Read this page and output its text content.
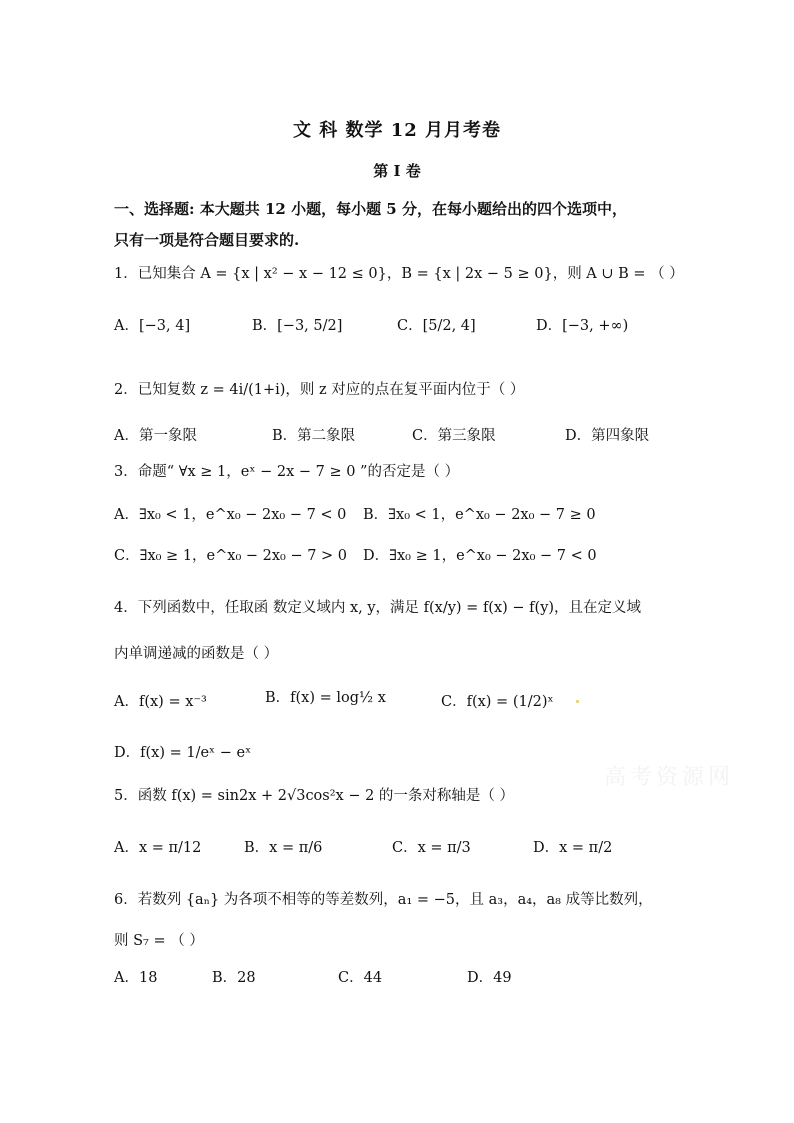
文 科 数学 12 月月考卷
第 I 卷
一、选择题: 本大题共 12 小题，每小题 5 分，在每小题给出的四个选项中，
只有一项是符合题目要求的.
1．已知集合 A = {x | x² − x − 12 ≤ 0}，B = {x | 2x − 5 ≥ 0}，则 A ∪ B = （ ）
A．[−3, 4]	B．[−3, 5/2]	C．[5/2, 4]	D．[−3, +∞)
2．已知复数 z = 4i/(1+i)，则 z 对应的点在复平面内位于（ ）
A．第一象限	B．第二象限	C．第三象限	D．第四象限
3．命题“ ∀x ≥ 1，eˣ − 2x − 7 ≥ 0 ”的否定是（ ）
A．∃x₀ < 1，e^x₀ − 2x₀ − 7 < 0 B．∃x₀ < 1，e^x₀ − 2x₀ − 7 ≥ 0
C．∃x₀ ≥ 1，e^x₀ − 2x₀ − 7 > 0 D．∃x₀ ≥ 1，e^x₀ − 2x₀ − 7 < 0
4．下列函数中，任取函 数定义域内 x, y，满足 f(x/y) = f(x) − f(y)，且在定义域
内单调递减的函数是（ ）
A．f(x) = x⁻³	B．f(x) = log½ x	C．f(x) = (1/2)ˣ
D．f(x) = 1/eˣ − eˣ
高考资源网
5．函数 f(x) = sin2x + 2√3cos²x − 2 的一条对称轴是（ ）
A．x = π/12	B．x = π/6	C．x = π/3	D．x = π/2
6．若数列 {aₙ} 为各项不相等的等差数列，a₁ = −5，且 a₃，a₄，a₈ 成等比数列，
则 S₇ = （ ）
A．18	B．28	C．44	D．49
